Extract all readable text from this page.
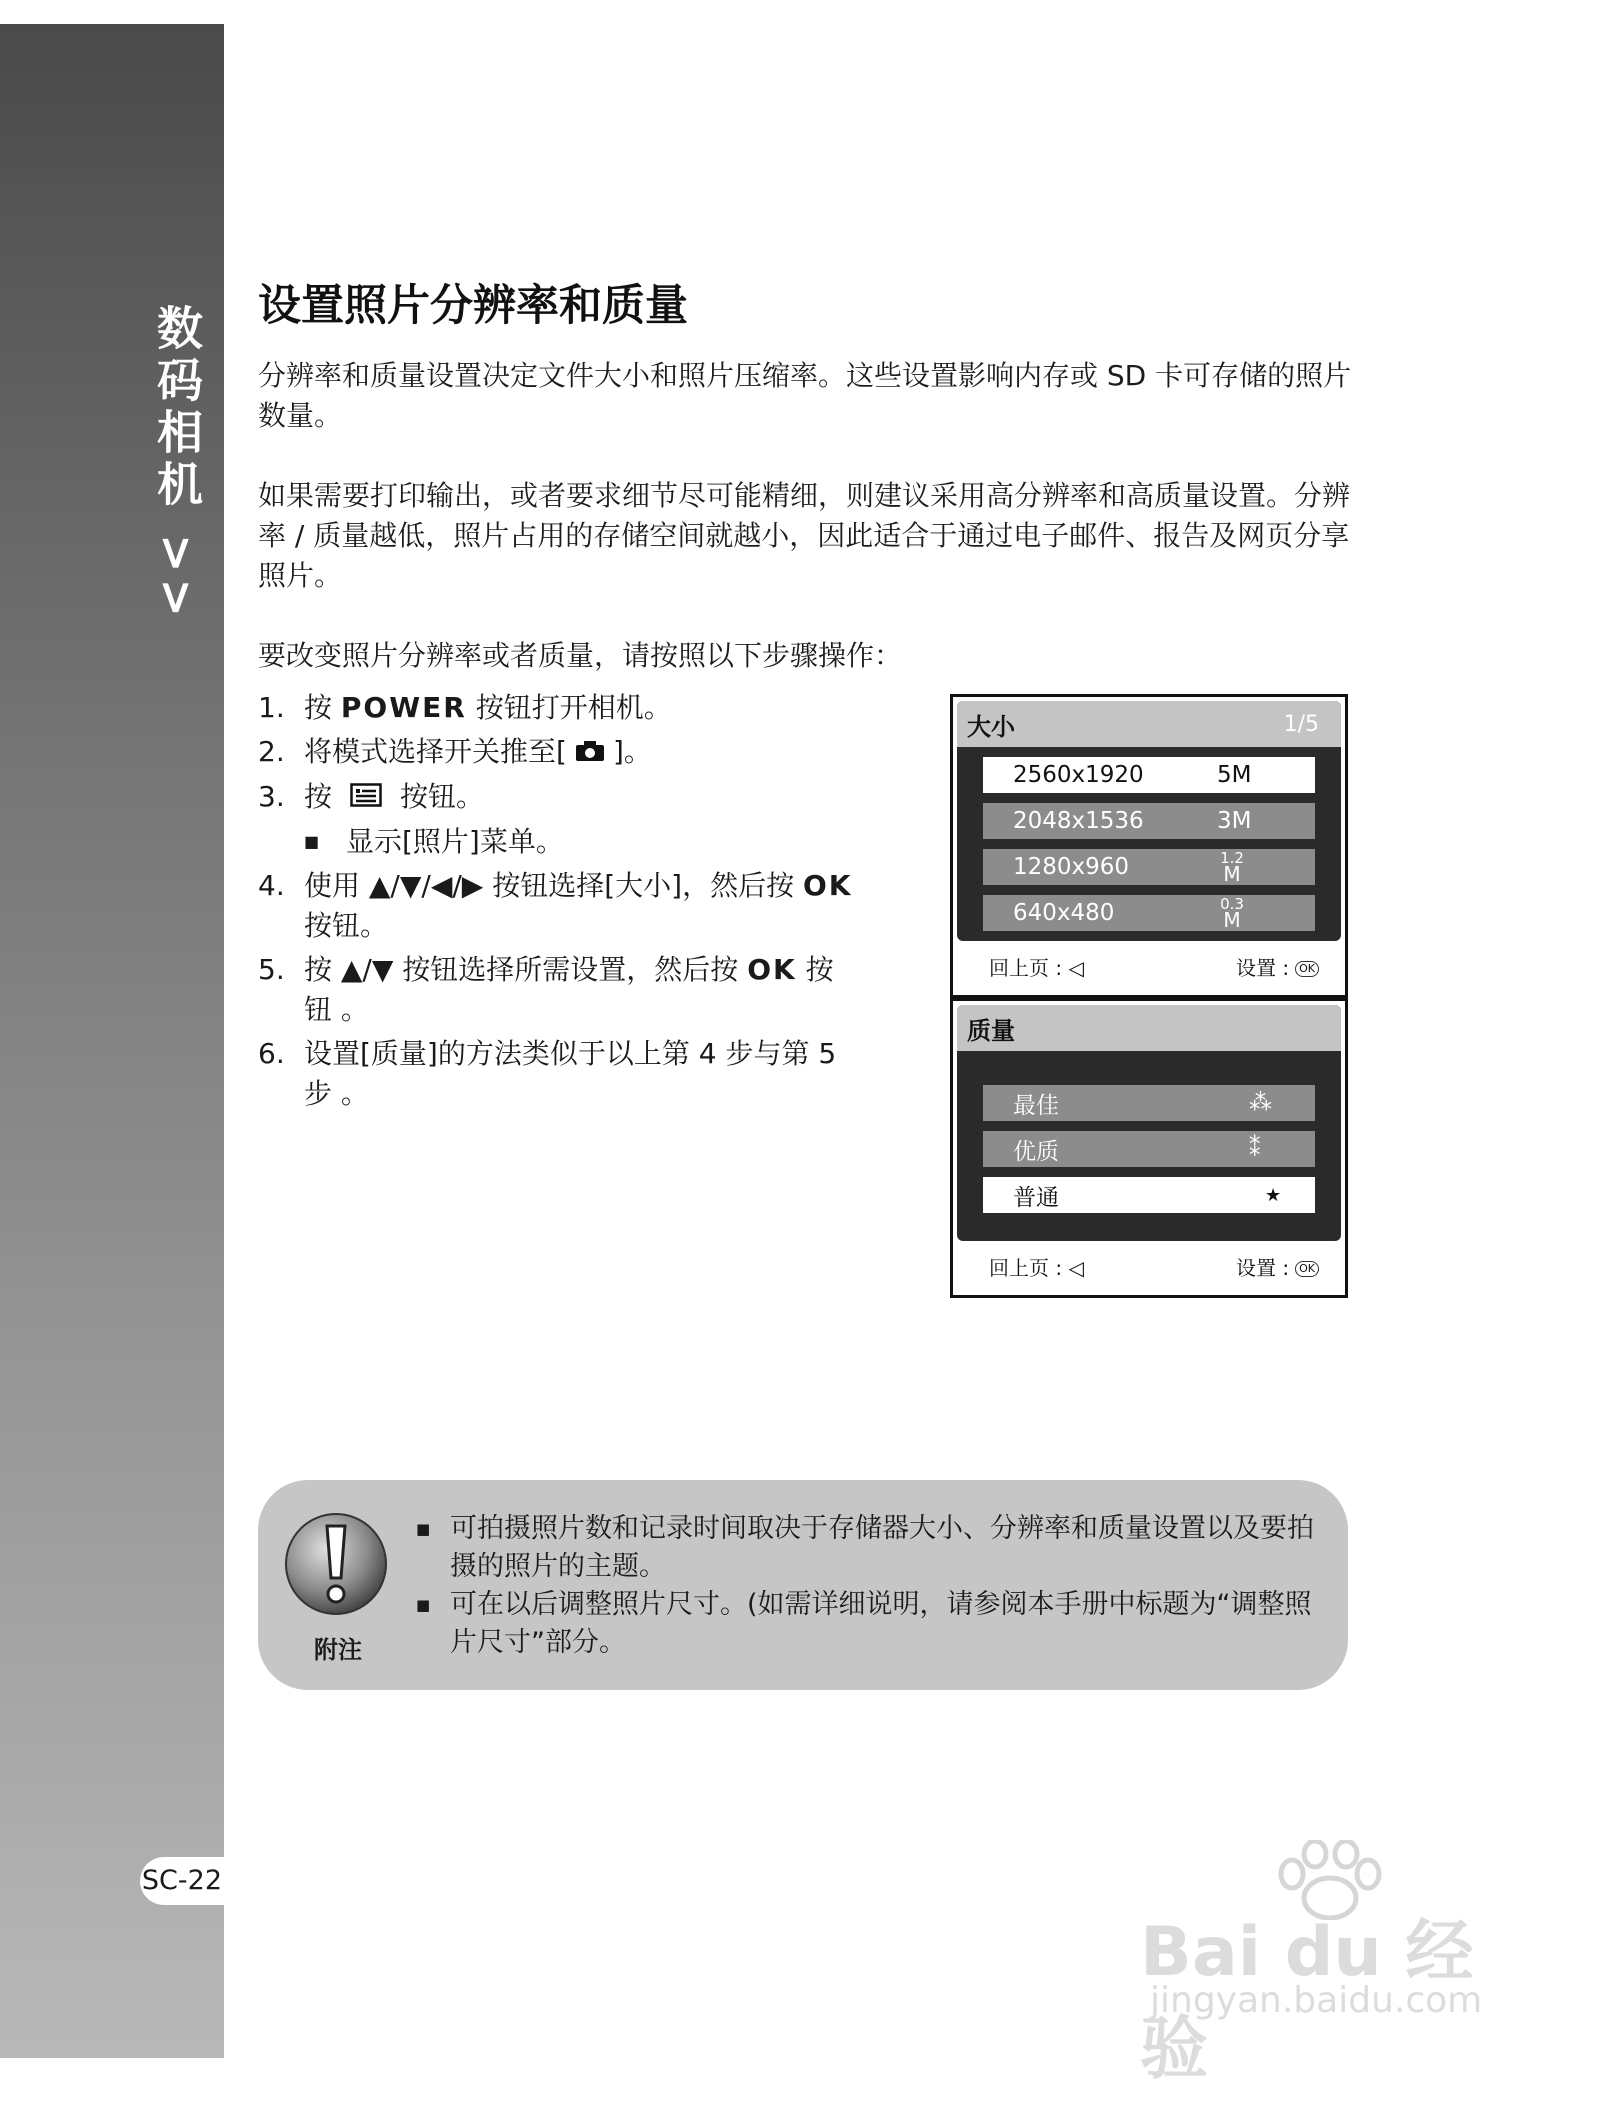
数码相机 >>
SC-22
设置照片分辨率和质量
分辨率和质量设置决定文件大小和照片压缩率。这些设置影响内存或 SD 卡可存储的照片数量。
如果需要打印输出，或者要求细节尽可能精细，则建议采用高分辨率和高质量设置。分辨率 / 质量越低，照片占用的存储空间就越小，因此适合于通过电子邮件、报告及网页分享照片。
要改变照片分辨率或者质量，请按照以下步骤操作：
1. 按 POWER 按钮打开相机。
2. 将模式选择开关推至[ ]。
3. 按 按钮。
■ 显示[照片]菜单。
4. 使用 ▲/▼/◀/▶ 按钮选择[大小]，然后按 OK 按钮。
5. 按 ▲/▼ 按钮选择所需设置，然后按 OK 按 钮 。
6. 设置[质量]的方法类似于以上第 4 步与第 5 步 。
大小	1/5
2560x1920	5M
2048x1536	3M
1280x960	1.2
M
640x480	0.3
M
回上页 : ◁	设置 : OK
质量
最佳	⁂
优质	⁑
普通	★
回上页 : ◁	设置 : OK
附注
■ 可拍摄照片数和记录时间取决于存储器大小、分辨率和质量设置以及要拍摄的照片的主题。
■ 可在以后调整照片尺寸。(如需详细说明，请参阅本手册中标题为“调整照片尺寸”部分。
Bai du 经验
jingyan.baidu.com
